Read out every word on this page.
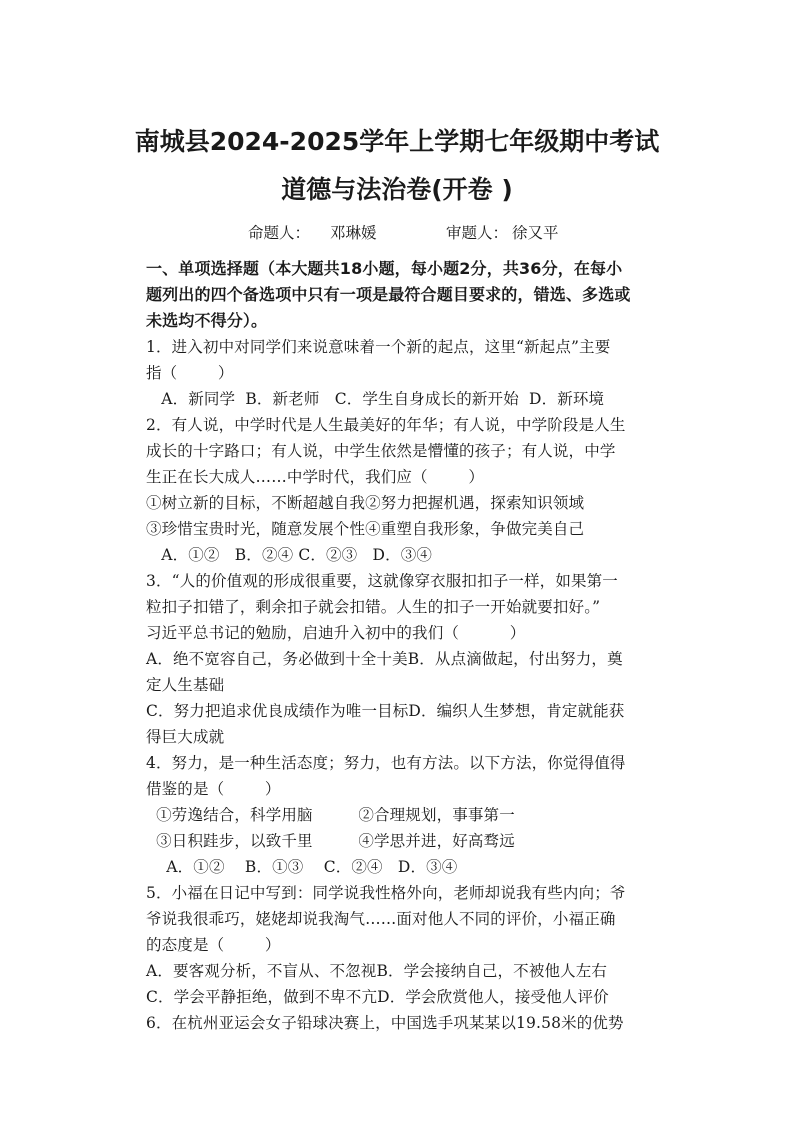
南城县2024-2025学年上学期七年级期中考试
道德与法治卷(开卷 )
命题人： 邓琳媛	审题人： 徐又平
一、单项选择题（本大题共18小题，每小题2分，共36分，在每小
题列出的四个备选项中只有一项是最符合题目要求的，错选、多选或
未选均不得分）。
1．进入初中对同学们来说意味着一个新的起点，这里“新起点”主要
指（        ）
A．新同学  B．新老师   C．学生自身成长的新开始  D．新环境
2．有人说，中学时代是人生最美好的年华；有人说，中学阶段是人生
成长的十字路口；有人说，中学生依然是懵懂的孩子；有人说，中学
生正在长大成人……中学时代，我们应（        ）
①树立新的目标，不断超越自我②努力把握机遇，探索知识领域
③珍惜宝贵时光，随意发展个性④重塑自我形象，争做完美自己
A．①②   B．②④ C．②③   D．③④
3．“人的价值观的形成很重要，这就像穿衣服扣扣子一样，如果第一
粒扣子扣错了，剩余扣子就会扣错。人生的扣子一开始就要扣好。”
习近平总书记的勉励，启迪升入初中的我们（          ）
A．绝不宽容自己，务必做到十全十美B．从点滴做起，付出努力，奠
定人生基础
C．努力把追求优良成绩作为唯一目标D．编织人生梦想，肯定就能获
得巨大成就
4．努力，是一种生活态度；努力，也有方法。以下方法，你觉得值得
借鉴的是（        ）
①劳逸结合，科学用脑         ②合理规划，事事第一
③日积跬步，以致千里         ④学思并进，好高骛远
A．①②    B．①③    C．②④   D．③④
5．小福在日记中写到：同学说我性格外向，老师却说我有些内向；爷
爷说我很乖巧，姥姥却说我淘气……面对他人不同的评价，小福正确
的态度是（        ）
A．要客观分析，不盲从、不忽视B．学会接纳自己，不被他人左右
C．学会平静拒绝，做到不卑不亢D．学会欣赏他人，接受他人评价
6．在杭州亚运会女子铅球决赛上，中国选手巩某某以19.58米的优势
